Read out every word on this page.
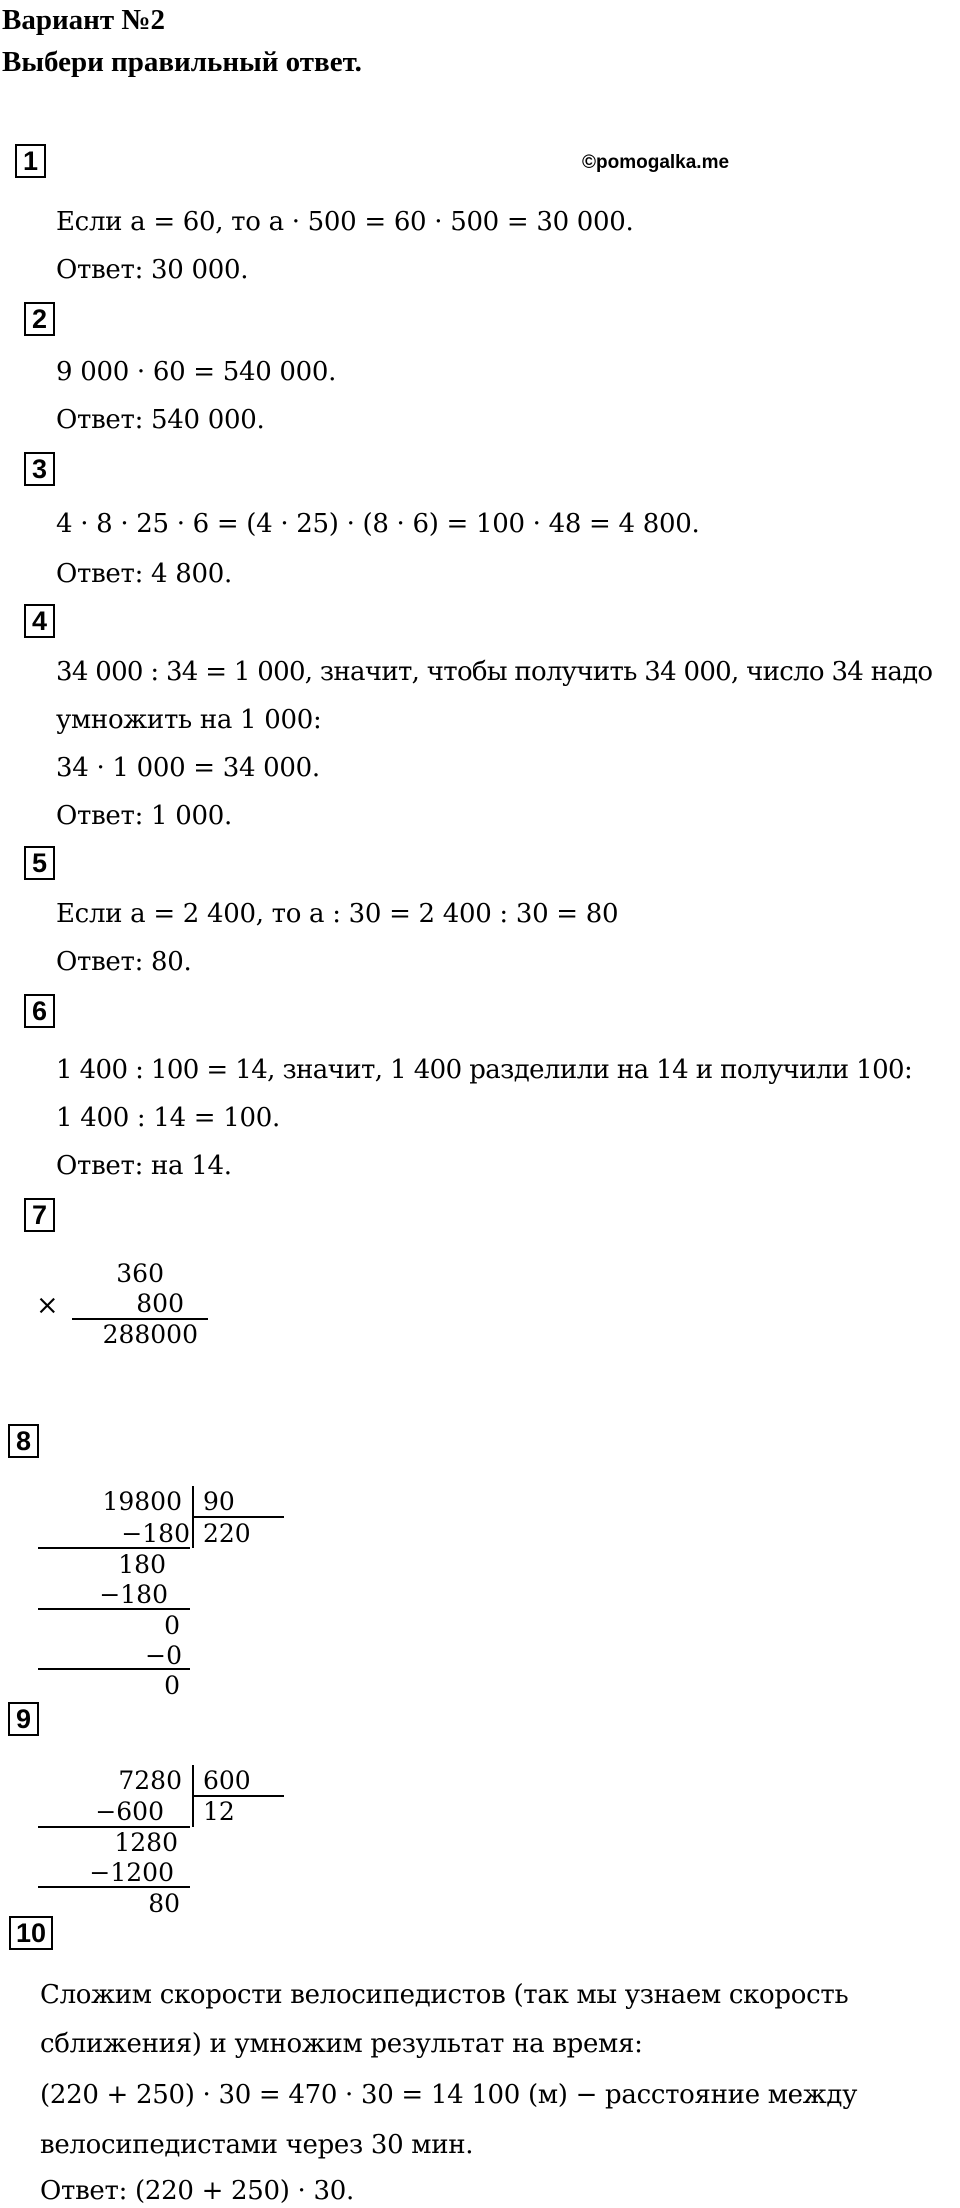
Вариант №2
Выбери правильный ответ.
©pomogalka.me
1
Если a = 60, то a · 500 = 60 · 500 = 30 000.
Ответ: 30 000.
2
9 000 · 60 = 540 000.
Ответ: 540 000.
3
4 · 8 · 25 · 6 = (4 · 25) · (8 · 6) = 100 · 48 = 4 800.
Ответ: 4 800.
4
34 000 : 34 = 1 000, значит, чтобы получить 34 000, число 34 надо
умножить на 1 000:
34 · 1 000 = 34 000.
Ответ: 1 000.
5
Если a = 2 400, то a : 30 = 2 400 : 30 = 80
Ответ: 80.
6
1 400 : 100 = 14, значит, 1 400 разделили на 14 и получили 100:
1 400 : 14 = 100.
Ответ: на 14.
7
360
×	800
288000
8
19800 90
220
−180
180
−180
0
−0
0
9
7280 600
12
−600
1280
−1200
80
10
Сложим скорости велосипедистов (так мы узнаем скорость
сближения) и умножим результат на время:
(220 + 250) · 30 = 470 · 30 = 14 100 (м) − расстояние между
велосипедистами через 30 мин.
Ответ: (220 + 250) · 30.
